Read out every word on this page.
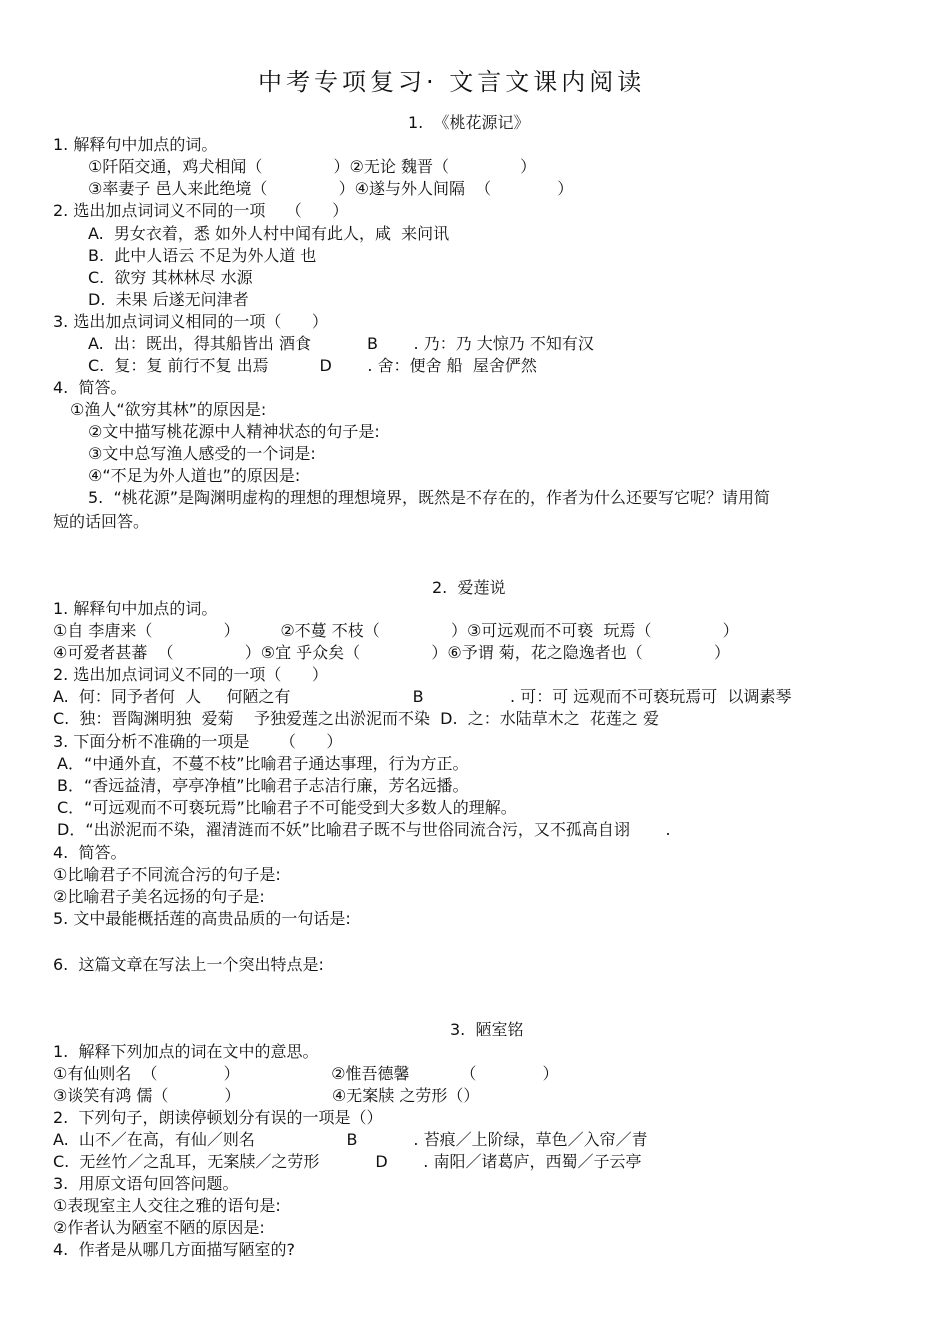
中考专项复习· 文言文课内阅读
1.  《桃花源记》
1. 解释句中加点的词。
①阡陌交通，鸡犬相闻（              ）②无论 魏晋（              ）
③率妻子 邑人来此绝境（              ）④遂与外人间隔  （             ）
2. 选出加点词词义不同的一项    （      ）
A.  男女衣着，悉 如外人村中闻有此人，咸  来问讯
B.  此中人语云 不足为外人道 也
C.  欲穷 其林林尽 水源
D.  未果 后遂无问津者
3. 选出加点词词义相同的一项（      ）
A.  出：既出，得其船皆出 酒食           B       . 乃：乃 大惊乃 不知有汉
C.  复：复 前行不复 出焉          D       . 舍：便舍 船  屋舍俨然
4.  简答。
①渔人“欲穷其林”的原因是:
②文中描写桃花源中人精神状态的句子是:
③文中总写渔人感受的一个词是:
④“不足为外人道也”的原因是:
5.  “桃花源”是陶渊明虚构的理想的理想境界，既然是不存在的，作者为什么还要写它呢？请用简
短的话回答。
2.  爱莲说
1. 解释句中加点的词。
①自 李唐来（              ）        ②不蔓 不枝（              ）③可远观而不可亵  玩焉（              ）
④可爱者甚蕃  （              ）⑤宜 乎众矣（              ）⑥予谓 菊，花之隐逸者也（              ）
2. 选出加点词词义不同的一项（      ）
A.  何：同予者何  人     何陋之有                        B                 . 可：可 远观而不可亵玩焉可  以调素琴
C.  独：晋陶渊明独  爱菊    予独爱莲之出淤泥而不染  D.  之：水陆草木之  花莲之 爱
3. 下面分析不准确的一项是      （      ）
A．“中通外直，不蔓不枝”比喻君子通达事理，行为方正。
B．“香远益清，亭亭净植”比喻君子志洁行廉，芳名远播。
C．“可远观而不可亵玩焉”比喻君子不可能受到大多数人的理解。
D．“出淤泥而不染，濯清涟而不妖”比喻君子既不与世俗同流合污，又不孤高自诩       .
4.  简答。
①比喻君子不同流合污的句子是:
②比喻君子美名远扬的句子是:
5. 文中最能概括莲的高贵品质的一句话是:
6.  这篇文章在写法上一个突出特点是:
3.  陋室铭
1.  解释下列加点的词在文中的意思。
①有仙则名  （             ）                  ②惟吾德馨          （             ）
③谈笑有鸿 儒（           ）                  ④无案牍 之劳形（）
2.  下列句子，朗读停顿划分有误的一项是（）
A.  山不／在高，有仙／则名                  B           . 苔痕／上阶绿，草色／入帘／青
C.  无丝竹／之乱耳，无案牍／之劳形           D       . 南阳／诸葛庐，西蜀／子云亭
3.  用原文语句回答问题。
①表现室主人交往之雅的语句是:
②作者认为陋室不陋的原因是:
4.  作者是从哪几方面描写陋室的?
